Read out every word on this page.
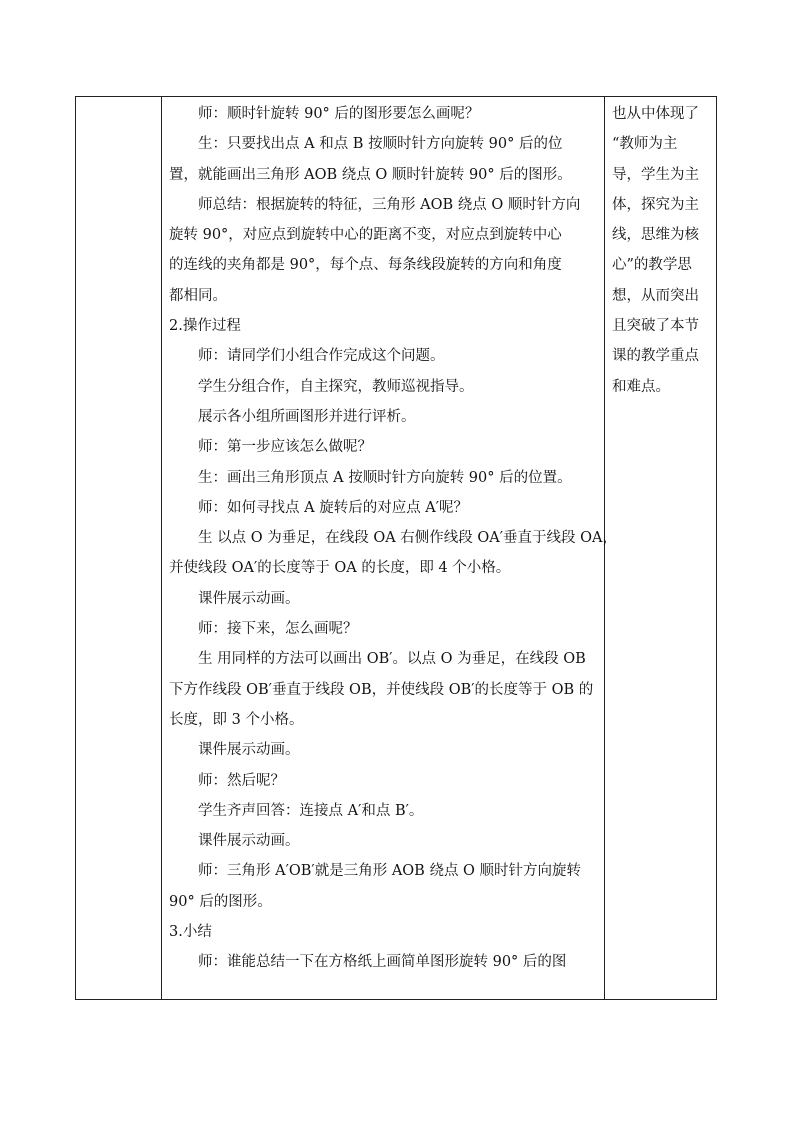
师：顺时针旋转 90° 后的图形要怎么画呢？
生：只要找出点 A 和点 B 按顺时针方向旋转 90° 后的位
置，就能画出三角形 AOB 绕点 O 顺时针旋转 90° 后的图形。
师总结：根据旋转的特征，三角形 AOB 绕点 O 顺时针方向
旋转 90°，对应点到旋转中心的距离不变，对应点到旋转中心
的连线的夹角都是 90°，每个点、每条线段旋转的方向和角度
都相同。
2.操作过程
师：请同学们小组合作完成这个问题。
学生分组合作，自主探究，教师巡视指导。
展示各小组所画图形并进行评析。
师：第一步应该怎么做呢？
生：画出三角形顶点 A 按顺时针方向旋转 90° 后的位置。
师：如何寻找点 A 旋转后的对应点 A′呢？
生 以点 O 为垂足，在线段 OA 右侧作线段 OA′垂直于线段 OA，
并使线段 OA′的长度等于 OA 的长度，即 4 个小格。
课件展示动画。
师：接下来，怎么画呢？
生 用同样的方法可以画出 OB′。以点 O 为垂足，在线段 OB
下方作线段 OB′垂直于线段 OB，并使线段 OB′的长度等于 OB 的
长度，即 3 个小格。
课件展示动画。
师：然后呢？
学生齐声回答：连接点 A′和点 B′。
课件展示动画。
师：三角形 A′OB′就是三角形 AOB 绕点 O 顺时针方向旋转
90° 后的图形。
3.小结
师：谁能总结一下在方格纸上画简单图形旋转 90° 后的图
也从中体现了
“教师为主
导，学生为主
体，探究为主
线，思维为核
心”的教学思
想，从而突出
且突破了本节
课的教学重点
和难点。
